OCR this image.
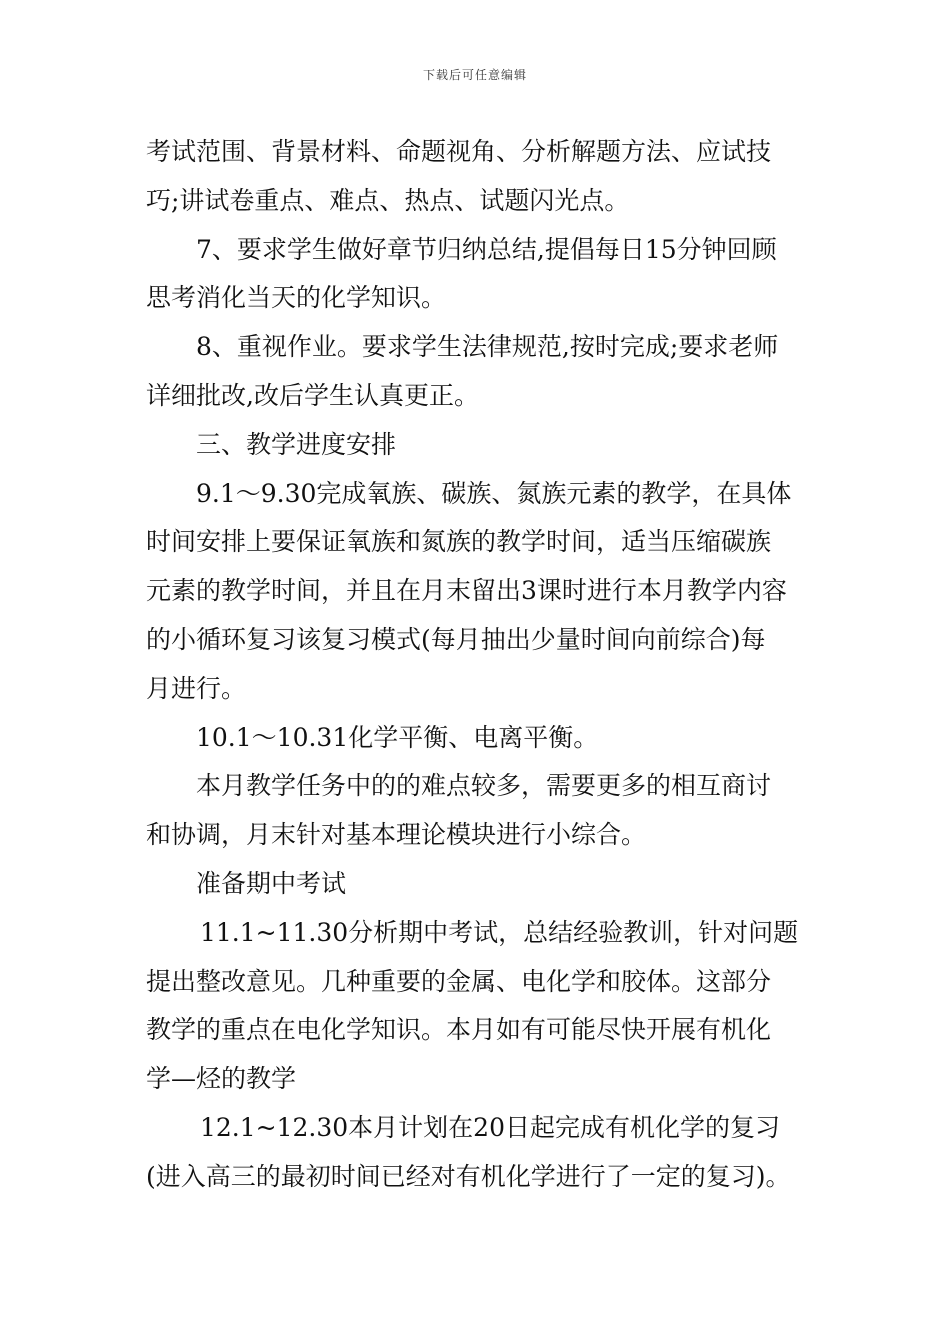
下载后可任意编辑
考试范围、背景材料、命题视角、分析解题方法、应试技
巧;讲试卷重点、难点、热点、试题闪光点。
7、要求学生做好章节归纳总结,提倡每日15分钟回顾
思考消化当天的化学知识。
8、重视作业。要求学生法律规范,按时完成;要求老师
详细批改,改后学生认真更正。
三、教学进度安排
9.1～9.30完成氧族、碳族、氮族元素的教学，在具体
时间安排上要保证氧族和氮族的教学时间，适当压缩碳族
元素的教学时间，并且在月末留出3课时进行本月教学内容
的小循环复习该复习模式(每月抽出少量时间向前综合)每
月进行。
10.1～10.31化学平衡、电离平衡。
本月教学任务中的的难点较多，需要更多的相互商讨
和协调，月末针对基本理论模块进行小综合。
准备期中考试
11.1~11.30分析期中考试，总结经验教训，针对问题
提出整改意见。几种重要的金属、电化学和胶体。这部分
教学的重点在电化学知识。本月如有可能尽快开展有机化
学—烃的教学
12.1~12.30本月计划在20日起完成有机化学的复习
(进入高三的最初时间已经对有机化学进行了一定的复习)。
